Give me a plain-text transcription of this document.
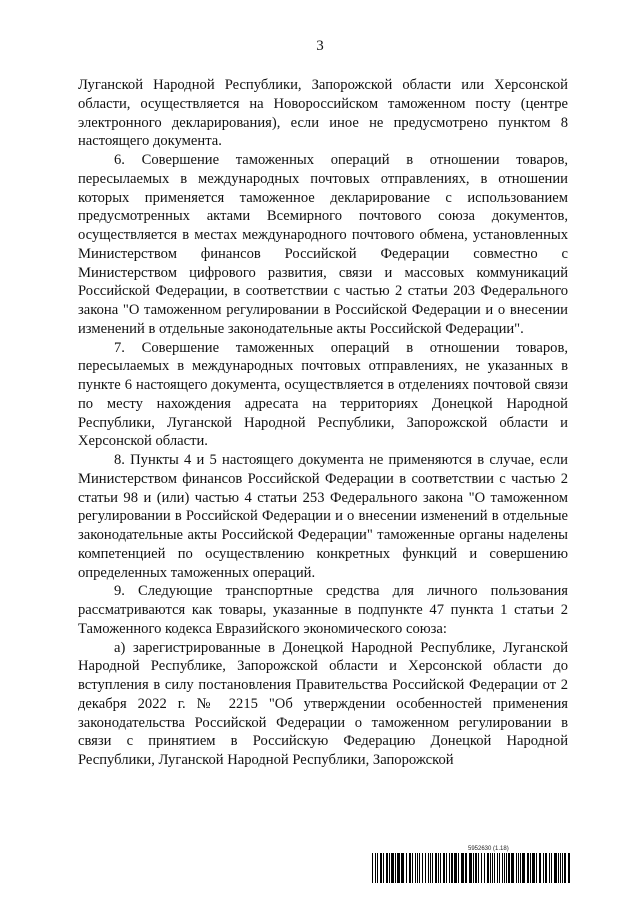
3

Луганской Народной Республики, Запорожской области или Херсонской области, осуществляется на Новороссийском таможенном посту (центре электронного декларирования), если иное не предусмотрено пунктом 8 настоящего документа.

6. Совершение таможенных операций в отношении товаров, пересылаемых в международных почтовых отправлениях, в отношении которых применяется таможенное декларирование с использованием предусмотренных актами Всемирного почтового союза документов, осуществляется в местах международного почтового обмена, установленных Министерством финансов Российской Федерации совместно с Министерством цифрового развития, связи и массовых коммуникаций Российской Федерации, в соответствии с частью 2 статьи 203 Федерального закона "О таможенном регулировании в Российской Федерации и о внесении изменений в отдельные законодательные акты Российской Федерации".

7. Совершение таможенных операций в отношении товаров, пересылаемых в международных почтовых отправлениях, не указанных в пункте 6 настоящего документа, осуществляется в отделениях почтовой связи по месту нахождения адресата на территориях Донецкой Народной Республики, Луганской Народной Республики, Запорожской области и Херсонской области.

8. Пункты 4 и 5 настоящего документа не применяются в случае, если Министерством финансов Российской Федерации в соответствии с частью 2 статьи 98 и (или) частью 4 статьи 253 Федерального закона "О таможенном регулировании в Российской Федерации и о внесении изменений в отдельные законодательные акты Российской Федерации" таможенные органы наделены компетенцией по осуществлению конкретных функций и совершению определенных таможенных операций.

9. Следующие транспортные средства для личного пользования рассматриваются как товары, указанные в подпункте 47 пункта 1 статьи 2 Таможенного кодекса Евразийского экономического союза:

а) зарегистрированные в Донецкой Народной Республике, Луганской Народной Республике, Запорожской области и Херсонской области до вступления в силу постановления Правительства Российской Федерации от 2 декабря 2022 г. № 2215 "Об утверждении особенностей применения законодательства Российской Федерации о таможенном регулировании в связи с принятием в Российскую Федерацию Донецкой Народной Республики, Луганской Народной Республики, Запорожской

5952630 (1.18)
